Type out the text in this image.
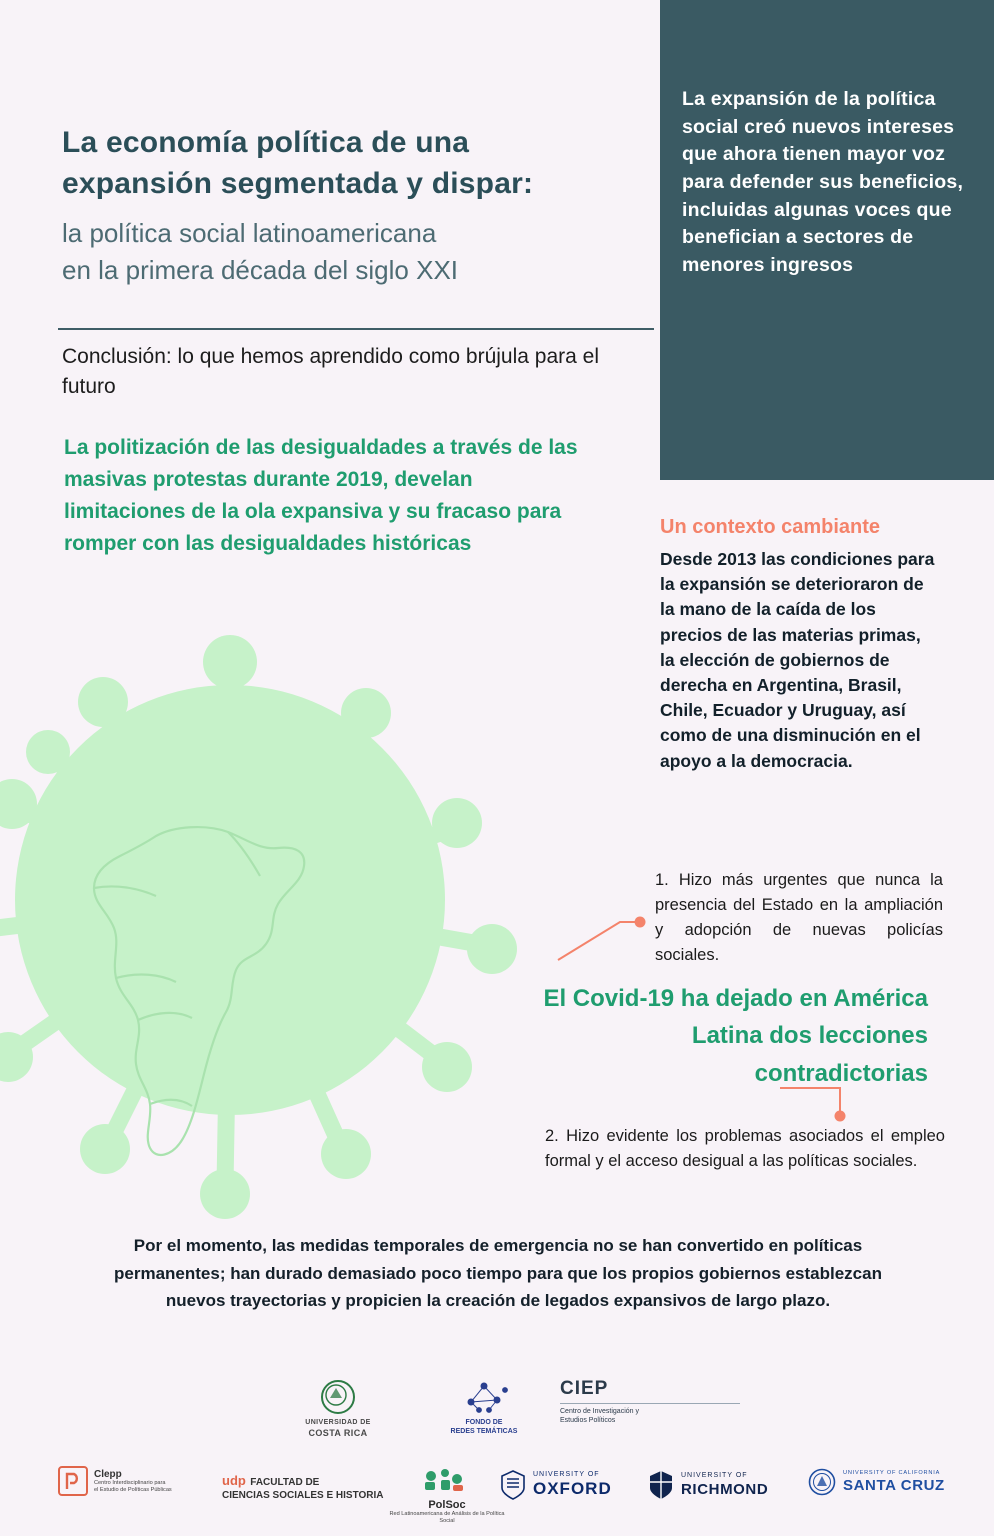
La expansión de la política social creó nuevos intereses que ahora tienen mayor voz para defender sus beneficios, incluidas algunas voces que benefician a sectores de menores ingresos

La economía política de una
expansión segmentada y dispar:
la política social latinoamericana
en la primera década del siglo XXI

Conclusión: lo que hemos aprendido como brújula para el futuro

La politización de las desigualdades a través de las masivas protestas durante 2019, develan limitaciones de la ola expansiva y su fracaso para romper con las desigualdades históricas

Un contexto cambiante

Desde 2013 las condiciones para la expansión se deterioraron de la mano de la caída de los precios de las materias primas, la elección de gobiernos de derecha en Argentina, Brasil, Chile, Ecuador y Uruguay, así como de una disminución en el apoyo a la democracia.

1. Hizo más urgentes que nunca la presencia del Estado en la ampliación y adopción de nuevas policías sociales.

El Covid-19 ha dejado en América Latina dos lecciones contradictorias

2. Hizo evidente los problemas asociados el empleo formal y el acceso desigual a las políticas sociales.

Por el momento, las medidas temporales de emergencia no se han convertido en políticas permanentes; han durado demasiado poco tiempo para que los propios gobiernos establezcan nuevos trayectorias y propicien la creación de legados expansivos de largo plazo.

UNIVERSIDAD DE
COSTA RICA
FONDO DE
REDES TEMÁTICAS
CIEP
Centro de Investigación y
Estudios Políticos
Clepp
Centro Interdisciplinario para
el Estudio de Políticas Públicas
udp FACULTAD DE
CIENCIAS SOCIALES E HISTORIA
PolSoc
Red Latinoamericana de Análisis de la Política Social
UNIVERSITY OF
OXFORD
UNIVERSITY OF
RICHMOND
UNIVERSITY OF CALIFORNIA
SANTA CRUZ
